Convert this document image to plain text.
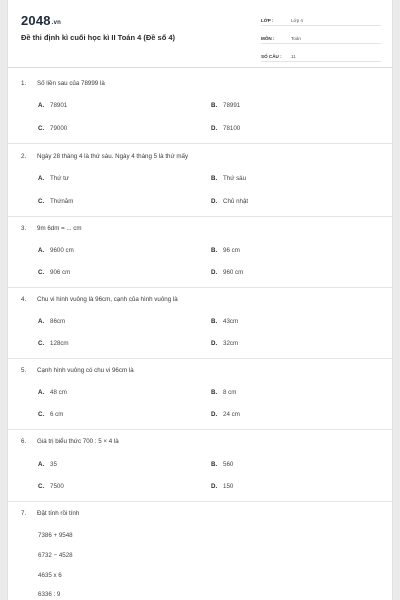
2048.vn
Đề thi định kì cuối học kì II Toán 4 (Đề số 4)
LỚP :	Lớp 4
MÔN :	Toán
SỐ CÂU :	11
1. Số liền sau của 78999 là
A. 78901	B. 78991
C. 79000	D. 78100
2. Ngày 28 tháng 4 là thứ sáu. Ngày 4 tháng 5 là thứ mấy
A. Thứ tư	B. Thứ sáu
C. Thứnăm	D. Chủ nhật
3. 9m 6dm = ... cm
A. 9600 cm	B. 96 cm
C. 906 cm	D. 960 cm
4. Chu vi hình vuông là 96cm, cạnh của hình vuông là
A. 86cm	B. 43cm
C. 128cm	D. 32cm
5. Cạnh hình vuông có chu vi 96cm là
A. 48 cm	B. 8 cm
C. 6 cm	D. 24 cm
6. Giá trị biểu thức 700 : 5 × 4 là
A. 35	B. 560
C. 7500	D. 150
7. Đặt tính rồi tính
7386 + 9548
6732 − 4528
4635 x 6
6336 : 9
